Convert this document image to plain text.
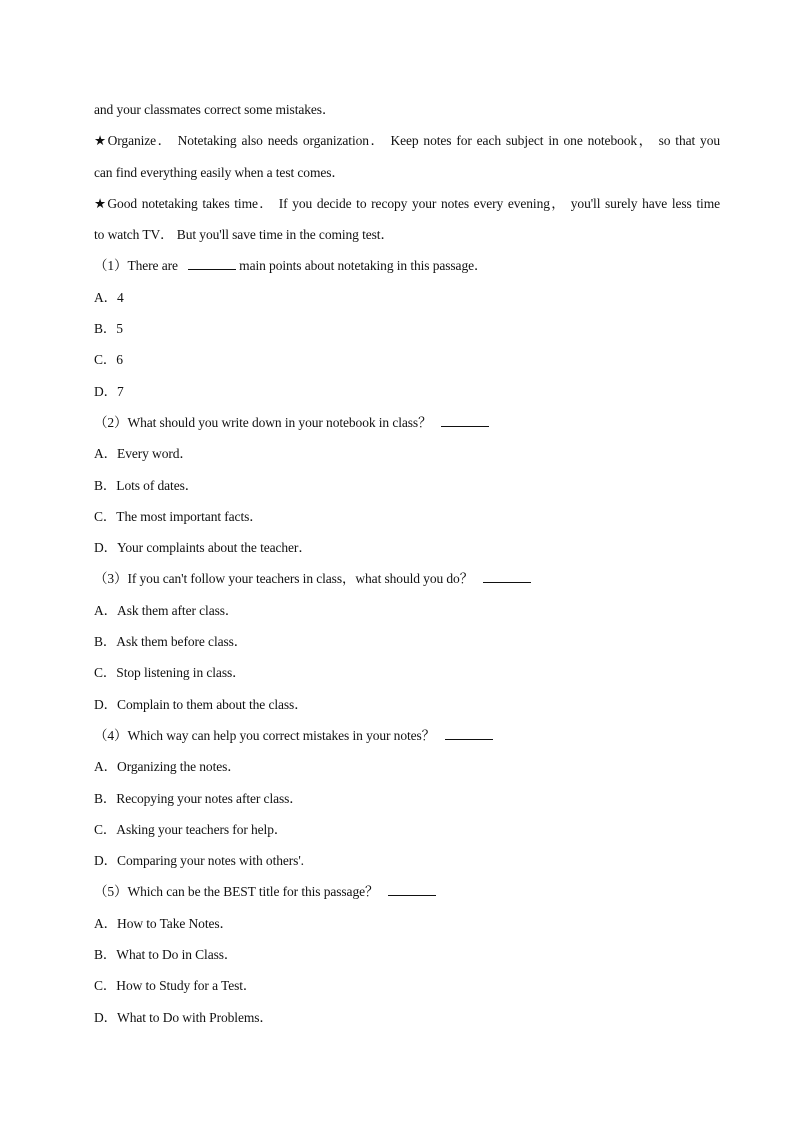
and your classmates correct some mistakes．
★Organize． Notetaking also needs organization． Keep notes for each subject in one notebook， so that you
can find everything easily when a test comes．
★Good notetaking takes time． If you decide to recopy your notes every evening， you'll surely have less time
to watch TV． But you'll save time in the coming test．
（1）There are	main points about notetaking in this passage．
A．4
B．5
C．6
D．7
（2）What should you write down in your notebook in class？
A．Every word．
B．Lots of dates．
C．The most important facts．
D．Your complaints about the teacher．
（3）If you can't follow your teachers in class，what should you do？
A．Ask them after class．
B．Ask them before class．
C．Stop listening in class．
D．Complain to them about the class．
（4）Which way can help you correct mistakes in your notes？
A．Organizing the notes．
B．Recopying your notes after class．
C．Asking your teachers for help．
D．Comparing your notes with others'.
（5）Which can be the BEST title for this passage？
A．How to Take Notes．
B．What to Do in Class．
C．How to Study for a Test．
D．What to Do with Problems．
